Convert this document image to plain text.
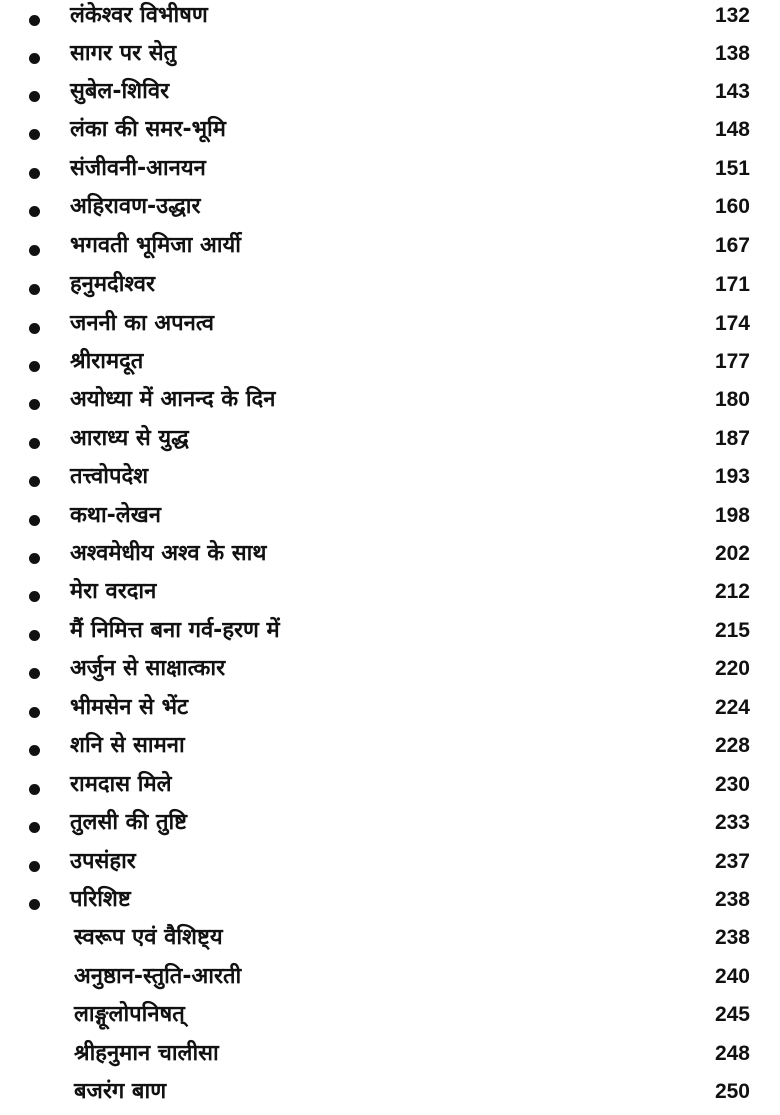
लंकेश्वर विभीषण	132
सागर पर सेतु	138
सुबेल-शिविर	143
लंका की समर-भूमि	148
संजीवनी-आनयन	151
अहिरावण-उद्धार	160
भगवती भूमिजा आर्यी	167
हनुमदीश्वर	171
जननी का अपनत्व	174
श्रीरामदूत	177
अयोध्या में आनन्द के दिन	180
आराध्य से युद्ध	187
तत्त्वोपदेश	193
कथा-लेखन	198
अश्वमेधीय अश्व के साथ	202
मेरा वरदान	212
मैं निमित्त बना गर्व-हरण में	215
अर्जुन से साक्षात्कार	220
भीमसेन से भेंट	224
शनि से सामना	228
रामदास मिले	230
तुलसी की तुष्टि	233
उपसंहार	237
परिशिष्ट	238
स्वरूप एवं वैशिष्ट्य	238
अनुष्ठान-स्तुति-आरती	240
लाङ्गूलोपनिषत्	245
श्रीहनुमान चालीसा	248
बजरंग बाण	250
